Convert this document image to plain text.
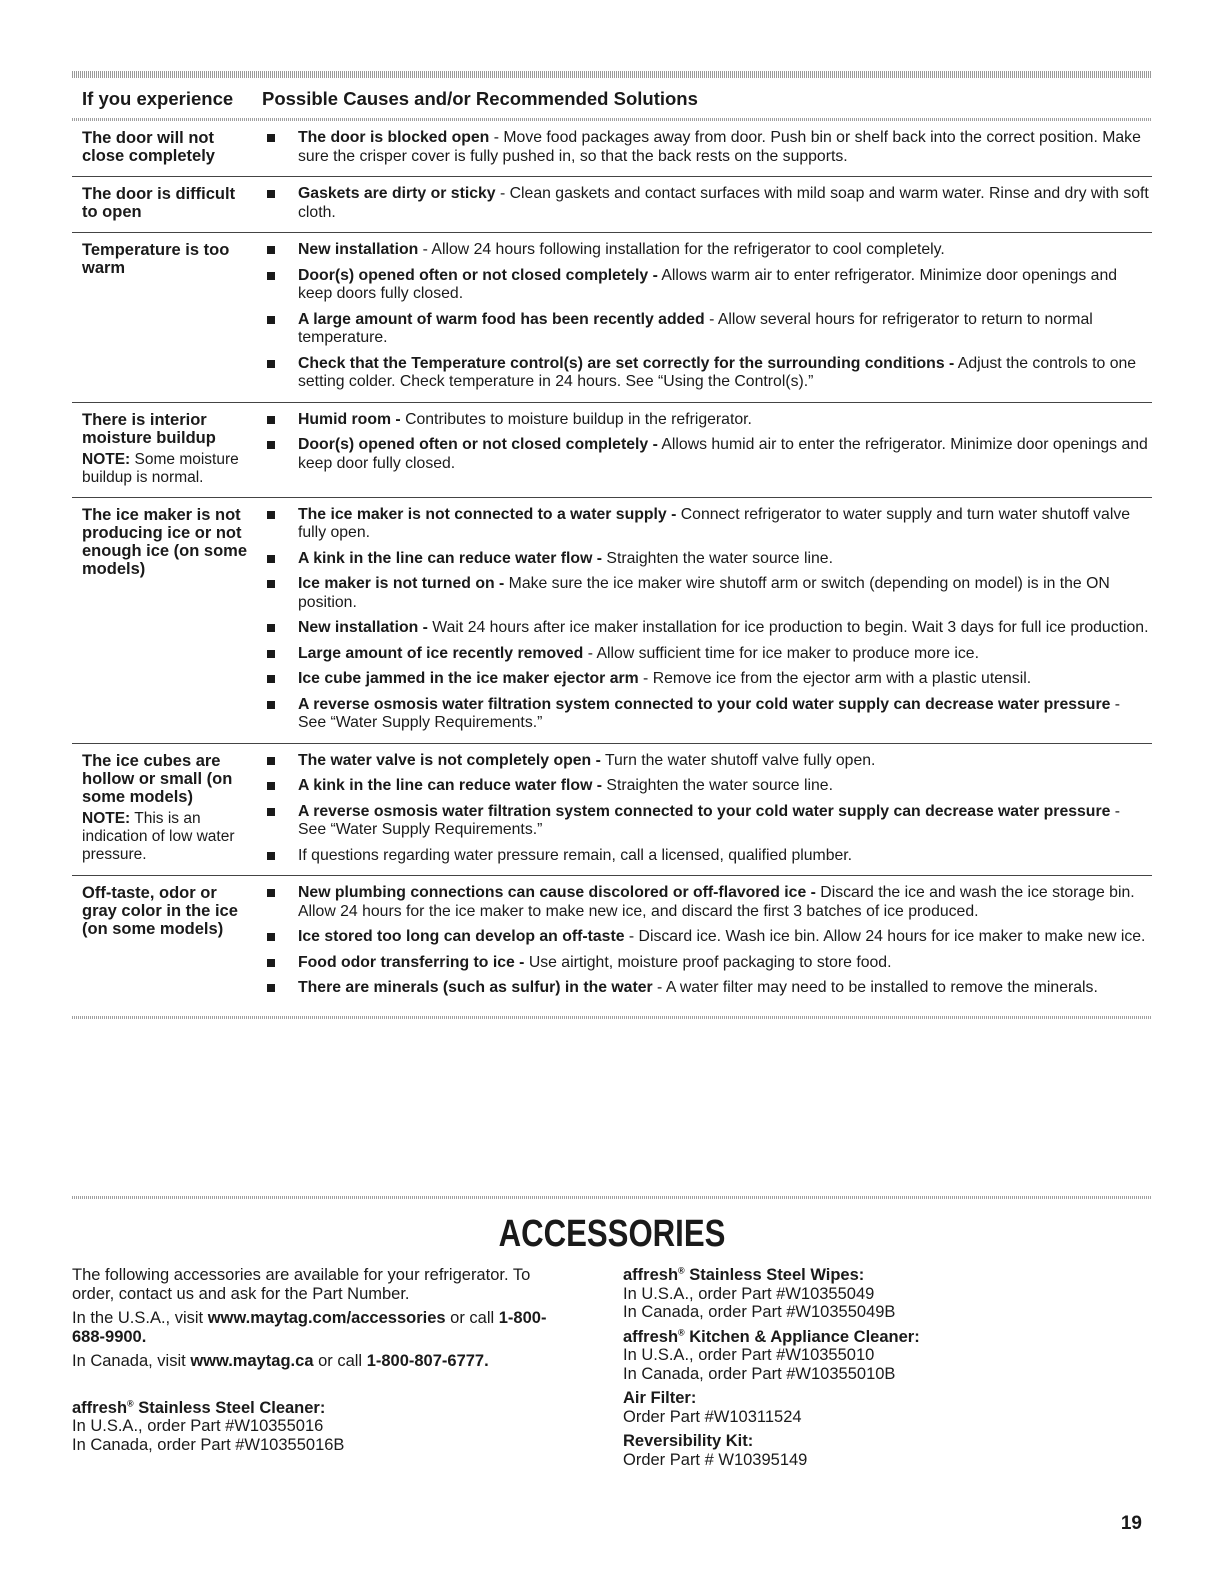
If you experience	Possible Causes and/or Recommended Solutions
The door will not close completely
The door is blocked open - Move food packages away from door. Push bin or shelf back into the correct position. Make sure the crisper cover is fully pushed in, so that the back rests on the supports.
The door is difficult to open
Gaskets are dirty or sticky - Clean gaskets and contact surfaces with mild soap and warm water. Rinse and dry with soft cloth.
Temperature is too warm
New installation - Allow 24 hours following installation for the refrigerator to cool completely.
Door(s) opened often or not closed completely - Allows warm air to enter refrigerator. Minimize door openings and keep doors fully closed.
A large amount of warm food has been recently added - Allow several hours for refrigerator to return to normal temperature.
Check that the Temperature control(s) are set correctly for the surrounding conditions - Adjust the controls to one setting colder. Check temperature in 24 hours. See “Using the Control(s).”
There is interior moisture buildup
NOTE: Some moisture buildup is normal.
Humid room - Contributes to moisture buildup in the refrigerator.
Door(s) opened often or not closed completely - Allows humid air to enter the refrigerator. Minimize door openings and keep door fully closed.
The ice maker is not producing ice or not enough ice (on some models)
The ice maker is not connected to a water supply - Connect refrigerator to water supply and turn water shutoff valve fully open.
A kink in the line can reduce water flow - Straighten the water source line.
Ice maker is not turned on - Make sure the ice maker wire shutoff arm or switch (depending on model) is in the ON position.
New installation - Wait 24 hours after ice maker installation for ice production to begin. Wait 3 days for full ice production.
Large amount of ice recently removed - Allow sufficient time for ice maker to produce more ice.
Ice cube jammed in the ice maker ejector arm - Remove ice from the ejector arm with a plastic utensil.
A reverse osmosis water filtration system connected to your cold water supply can decrease water pressure - See “Water Supply Requirements.”
The ice cubes are hollow or small (on some models)
NOTE: This is an indication of low water pressure.
The water valve is not completely open - Turn the water shutoff valve fully open.
A kink in the line can reduce water flow - Straighten the water source line.
A reverse osmosis water filtration system connected to your cold water supply can decrease water pressure - See “Water Supply Requirements.”
If questions regarding water pressure remain, call a licensed, qualified plumber.
Off-taste, odor or gray color in the ice (on some models)
New plumbing connections can cause discolored or off-flavored ice - Discard the ice and wash the ice storage bin. Allow 24 hours for the ice maker to make new ice, and discard the first 3 batches of ice produced.
Ice stored too long can develop an off-taste - Discard ice. Wash ice bin. Allow 24 hours for ice maker to make new ice.
Food odor transferring to ice - Use airtight, moisture proof packaging to store food.
There are minerals (such as sulfur) in the water - A water filter may need to be installed to remove the minerals.
ACCESSORIES

The following accessories are available for your refrigerator. To order, contact us and ask for the Part Number.

In the U.S.A., visit www.maytag.com/accessories or call 1-800-688-9900.

In Canada, visit www.maytag.ca or call 1-800-807-6777.

affresh® Stainless Steel Cleaner:
In U.S.A., order Part #W10355016
In Canada, order Part #W10355016B
affresh® Stainless Steel Wipes:
In U.S.A., order Part #W10355049
In Canada, order Part #W10355049B
affresh® Kitchen & Appliance Cleaner:
In U.S.A., order Part #W10355010
In Canada, order Part #W10355010B
Air Filter:
Order Part #W10311524
Reversibility Kit:
Order Part # W10395149
19
